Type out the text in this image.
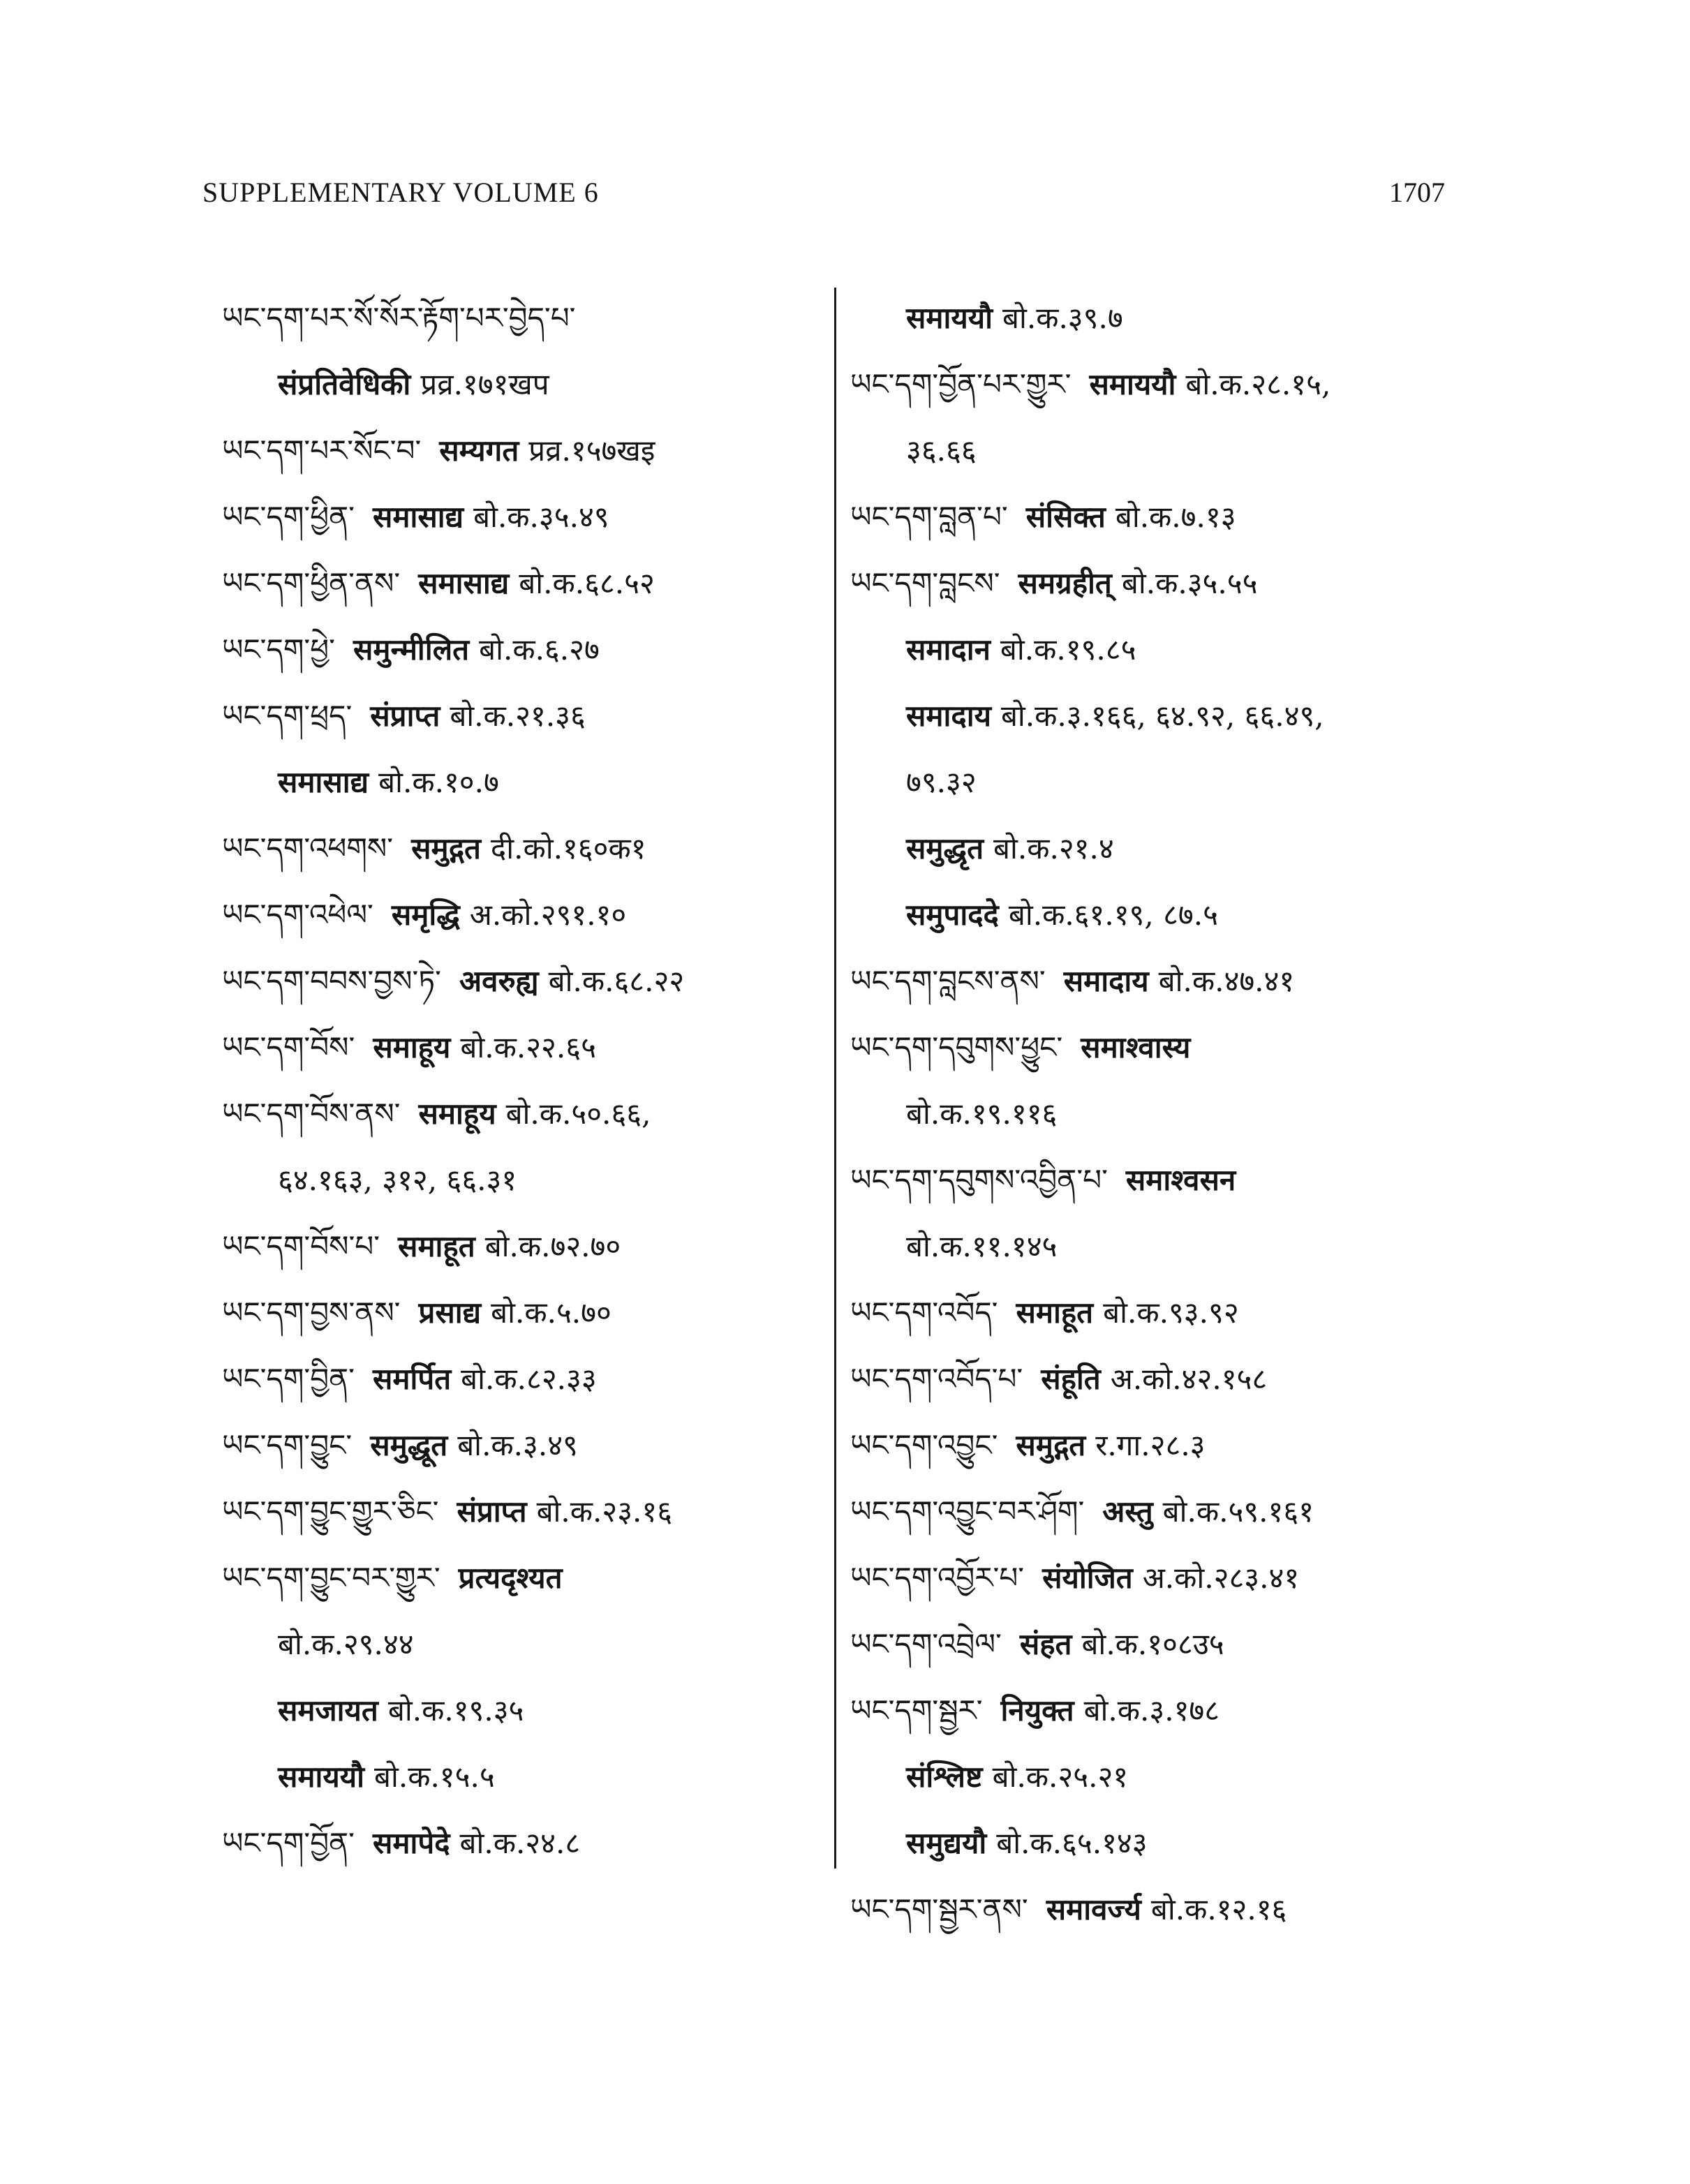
SUPPLEMENTARY VOLUME 6	1707
ཡང་དག་པར་སོ་སོར་རྟོག་པར་བྱེད་པ་
संप्रतिवेधिकी प्रव्र.१७१खप
ཡང་དག་པར་སོང་བ་ सम्यगत प्रव्र.१५७खइ
ཡང་དག་ཕྱིན་ समासाद्य बो.क.३५.४९
ཡང་དག་ཕྱིན་ནས་ समासाद्य बो.क.६८.५२
ཡང་དག་ཕྱེ་ समुन्मीलित बो.क.६.२७
ཡང་དག་ཕྲད་ संप्राप्त बो.क.२१.३६
समासाद्य बो.क.१०.७
ཡང་དག་འཕགས་ समुद्गत दी.को.१६०क१
ཡང་དག་འཕེལ་ समृद्धि अ.को.२९१.१०
ཡང་དག་བབས་བྱས་ཏེ་ अवरुह्य बो.क.६८.२२
ཡང་དག་བོས་ समाहूय बो.क.२२.६५
ཡང་དག་བོས་ནས་ समाहूय बो.क.५०.६६,
६४.१६३, ३१२, ६६.३१
ཡང་དག་བོས་པ་ समाहूत बो.क.७२.७०
ཡང་དག་བྱས་ནས་ प्रसाद्य बो.क.५.७०
ཡང་དག་བྱིན་ समर्पित बो.क.८२.३३
ཡང་དག་བྱུང་ समुद्धूत बो.क.३.४९
ཡང་དག་བྱུང་གྱུར་ཅིང་ संप्राप्त बो.क.२३.१६
ཡང་དག་བྱུང་བར་གྱུར་ प्रत्यदृश्यत
बो.क.२९.४४
समजायत बो.क.१९.३५
समाययौ बो.क.१५.५
ཡང་དག་བྱོན་ समापेदे बो.क.२४.८
समाययौ बो.क.३९.७
ཡང་དག་བྱོན་པར་གྱུར་ समाययौ बो.क.२८.१५,
३६.६६
ཡང་དག་བླན་པ་ संसिक्त बो.क.७.१३
ཡང་དག་བླངས་ समग्रहीत् बो.क.३५.५५
समादान बो.क.१९.८५
समादाय बो.क.३.१६६, ६४.९२, ६६.४९,
७९.३२
समुद्धृत बो.क.२१.४
समुपाददे बो.क.६१.१९, ८७.५
ཡང་དག་བླངས་ནས་ समादाय बो.क.४७.४१
ཡང་དག་དབུགས་ཕྱུང་ समाश्वास्य
बो.क.१९.११६
ཡང་དག་དབུགས་འབྱིན་པ་ समाश्वसन
बो.क.११.१४५
ཡང་དག་འབོད་ समाहूत बो.क.९३.९२
ཡང་དག་འབོད་པ་ संहूति अ.को.४२.१५८
ཡང་དག་འབྱུང་ समुद्गत र.गा.२८.३
ཡང་དག་འབྱུང་བར་ཤོག་ अस्तु बो.क.५९.१६१
ཡང་དག་འབྱོར་པ་ संयोजित अ.को.२८३.४१
ཡང་དག་འབྲེལ་ संहत बो.क.१०८उ५
ཡང་དག་སྦྱར་ नियुक्त बो.क.३.१७८
संश्लिष्ट बो.क.२५.२१
समुद्ययौ बो.क.६५.१४३
ཡང་དག་སྦྱར་ནས་ समावर्ज्य बो.क.१२.१६
